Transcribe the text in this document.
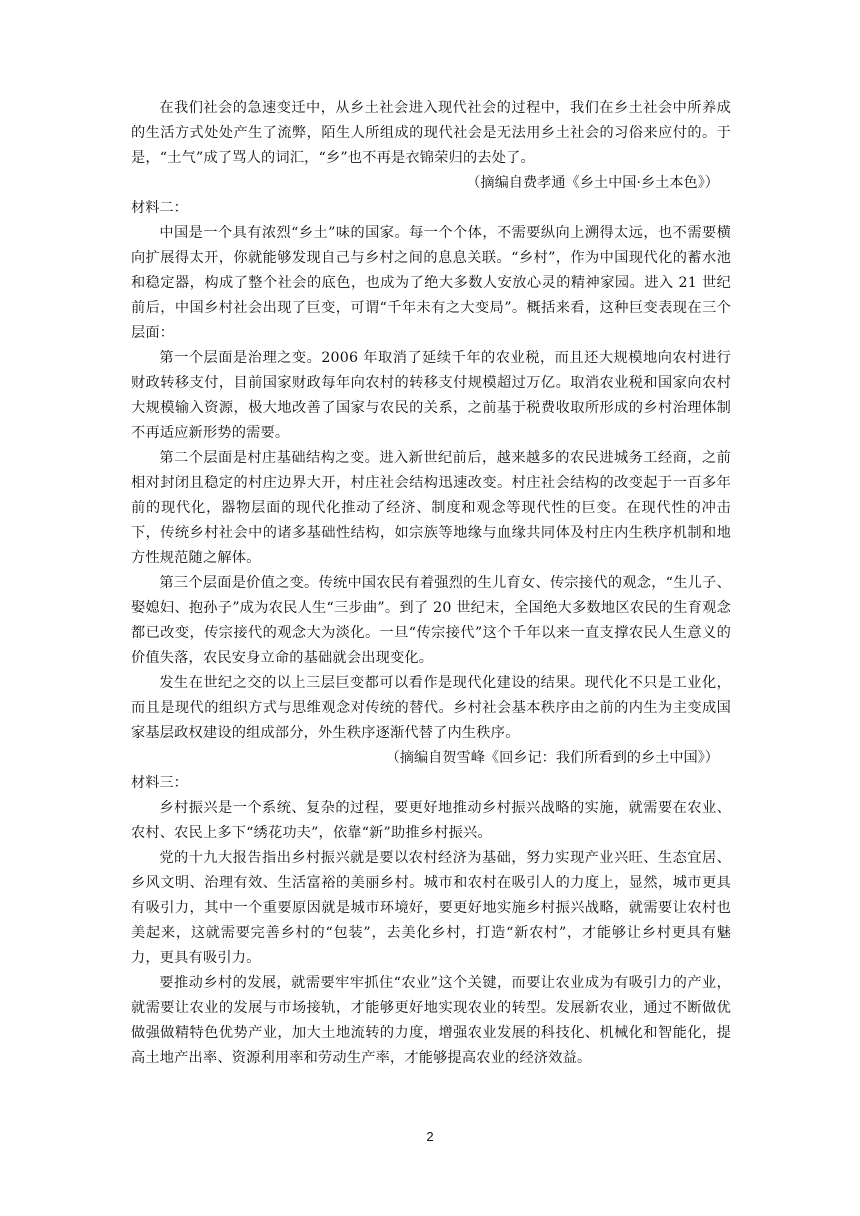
在我们社会的急速变迁中，从乡土社会进入现代社会的过程中，我们在乡土社会中所养成的生活方式处处产生了流弊，陌生人所组成的现代社会是无法用乡土社会的习俗来应付的。于是，“土气”成了骂人的词汇，“乡”也不再是衣锦荣归的去处了。

（摘编自费孝通《乡土中国·乡土本色》）

材料二：

中国是一个具有浓烈“乡土”味的国家。每一个个体，不需要纵向上溯得太远，也不需要横向扩展得太开，你就能够发现自己与乡村之间的息息关联。“乡村”，作为中国现代化的蓄水池和稳定器，构成了整个社会的底色，也成为了绝大多数人安放心灵的精神家园。进入 21 世纪前后，中国乡村社会出现了巨变，可谓“千年未有之大变局”。概括来看，这种巨变表现在三个层面：

第一个层面是治理之变。2006 年取消了延续千年的农业税，而且还大规模地向农村进行财政转移支付，目前国家财政每年向农村的转移支付规模超过万亿。取消农业税和国家向农村大规模输入资源，极大地改善了国家与农民的关系，之前基于税费收取所形成的乡村治理体制不再适应新形势的需要。

第二个层面是村庄基础结构之变。进入新世纪前后，越来越多的农民进城务工经商，之前相对封闭且稳定的村庄边界大开，村庄社会结构迅速改变。村庄社会结构的改变起于一百多年前的现代化，器物层面的现代化推动了经济、制度和观念等现代性的巨变。在现代性的冲击下，传统乡村社会中的诸多基础性结构，如宗族等地缘与血缘共同体及村庄内生秩序机制和地方性规范随之解体。

第三个层面是价值之变。传统中国农民有着强烈的生儿育女、传宗接代的观念，“生儿子、娶媳妇、抱孙子”成为农民人生“三步曲”。到了 20 世纪末，全国绝大多数地区农民的生育观念都已改变，传宗接代的观念大为淡化。一旦“传宗接代”这个千年以来一直支撑农民人生意义的价值失落，农民安身立命的基础就会出现变化。

发生在世纪之交的以上三层巨变都可以看作是现代化建设的结果。现代化不只是工业化，而且是现代的组织方式与思维观念对传统的替代。乡村社会基本秩序由之前的内生为主变成国家基层政权建设的组成部分，外生秩序逐渐代替了内生秩序。

（摘编自贺雪峰《回乡记：我们所看到的乡土中国》）

材料三：

乡村振兴是一个系统、复杂的过程，要更好地推动乡村振兴战略的实施，就需要在农业、农村、农民上多下“绣花功夫”，依靠“新”助推乡村振兴。

党的十九大报告指出乡村振兴就是要以农村经济为基础，努力实现产业兴旺、生态宜居、乡风文明、治理有效、生活富裕的美丽乡村。城市和农村在吸引人的力度上，显然，城市更具有吸引力，其中一个重要原因就是城市环境好，要更好地实施乡村振兴战略，就需要让农村也美起来，这就需要完善乡村的“包装”，去美化乡村，打造“新农村”，才能够让乡村更具有魅力，更具有吸引力。

要推动乡村的发展，就需要牢牢抓住“农业”这个关键，而要让农业成为有吸引力的产业，就需要让农业的发展与市场接轨，才能够更好地实现农业的转型。发展新农业，通过不断做优做强做精特色优势产业，加大土地流转的力度，增强农业发展的科技化、机械化和智能化，提高土地产出率、资源利用率和劳动生产率，才能够提高农业的经济效益。

2
